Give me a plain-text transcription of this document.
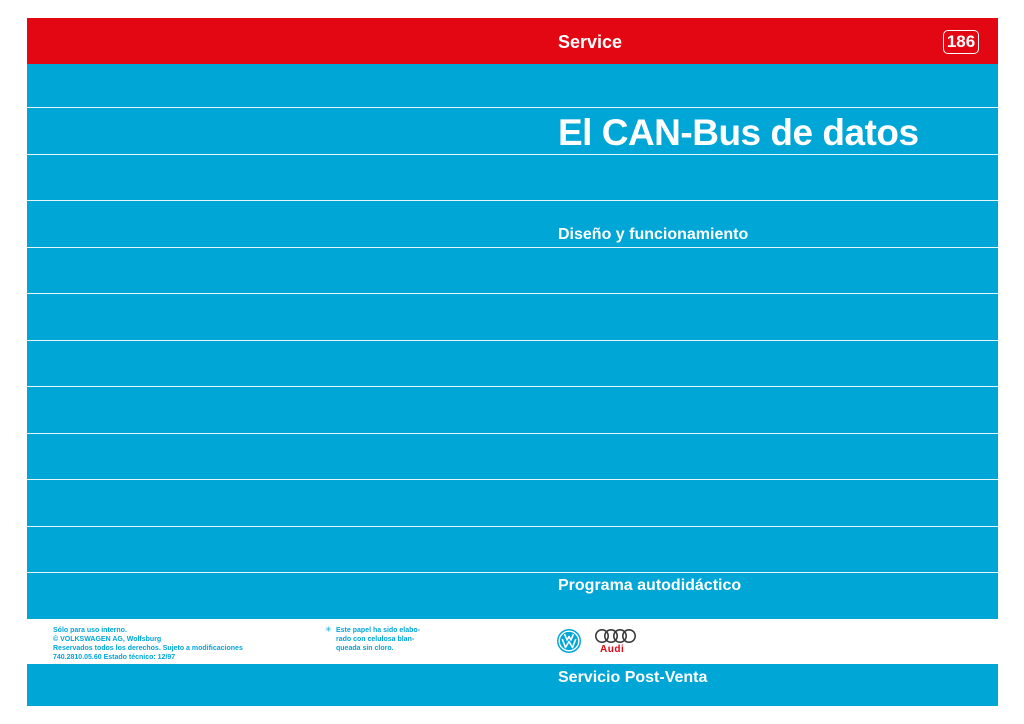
Service	186
El CAN-Bus de datos
Diseño y funcionamiento
Programa autodidáctico
Sólo para uso interno.
© VOLKSWAGEN AG, Wolfsburg
Reservados todos los derechos. Sujeto a modificaciones
740.2810.05.60 Estado técnico: 12/97
✳ Este papel ha sido elabo-
rado con celulosa blan-
queada sin cloro.	Audi
Servicio Post-Venta
